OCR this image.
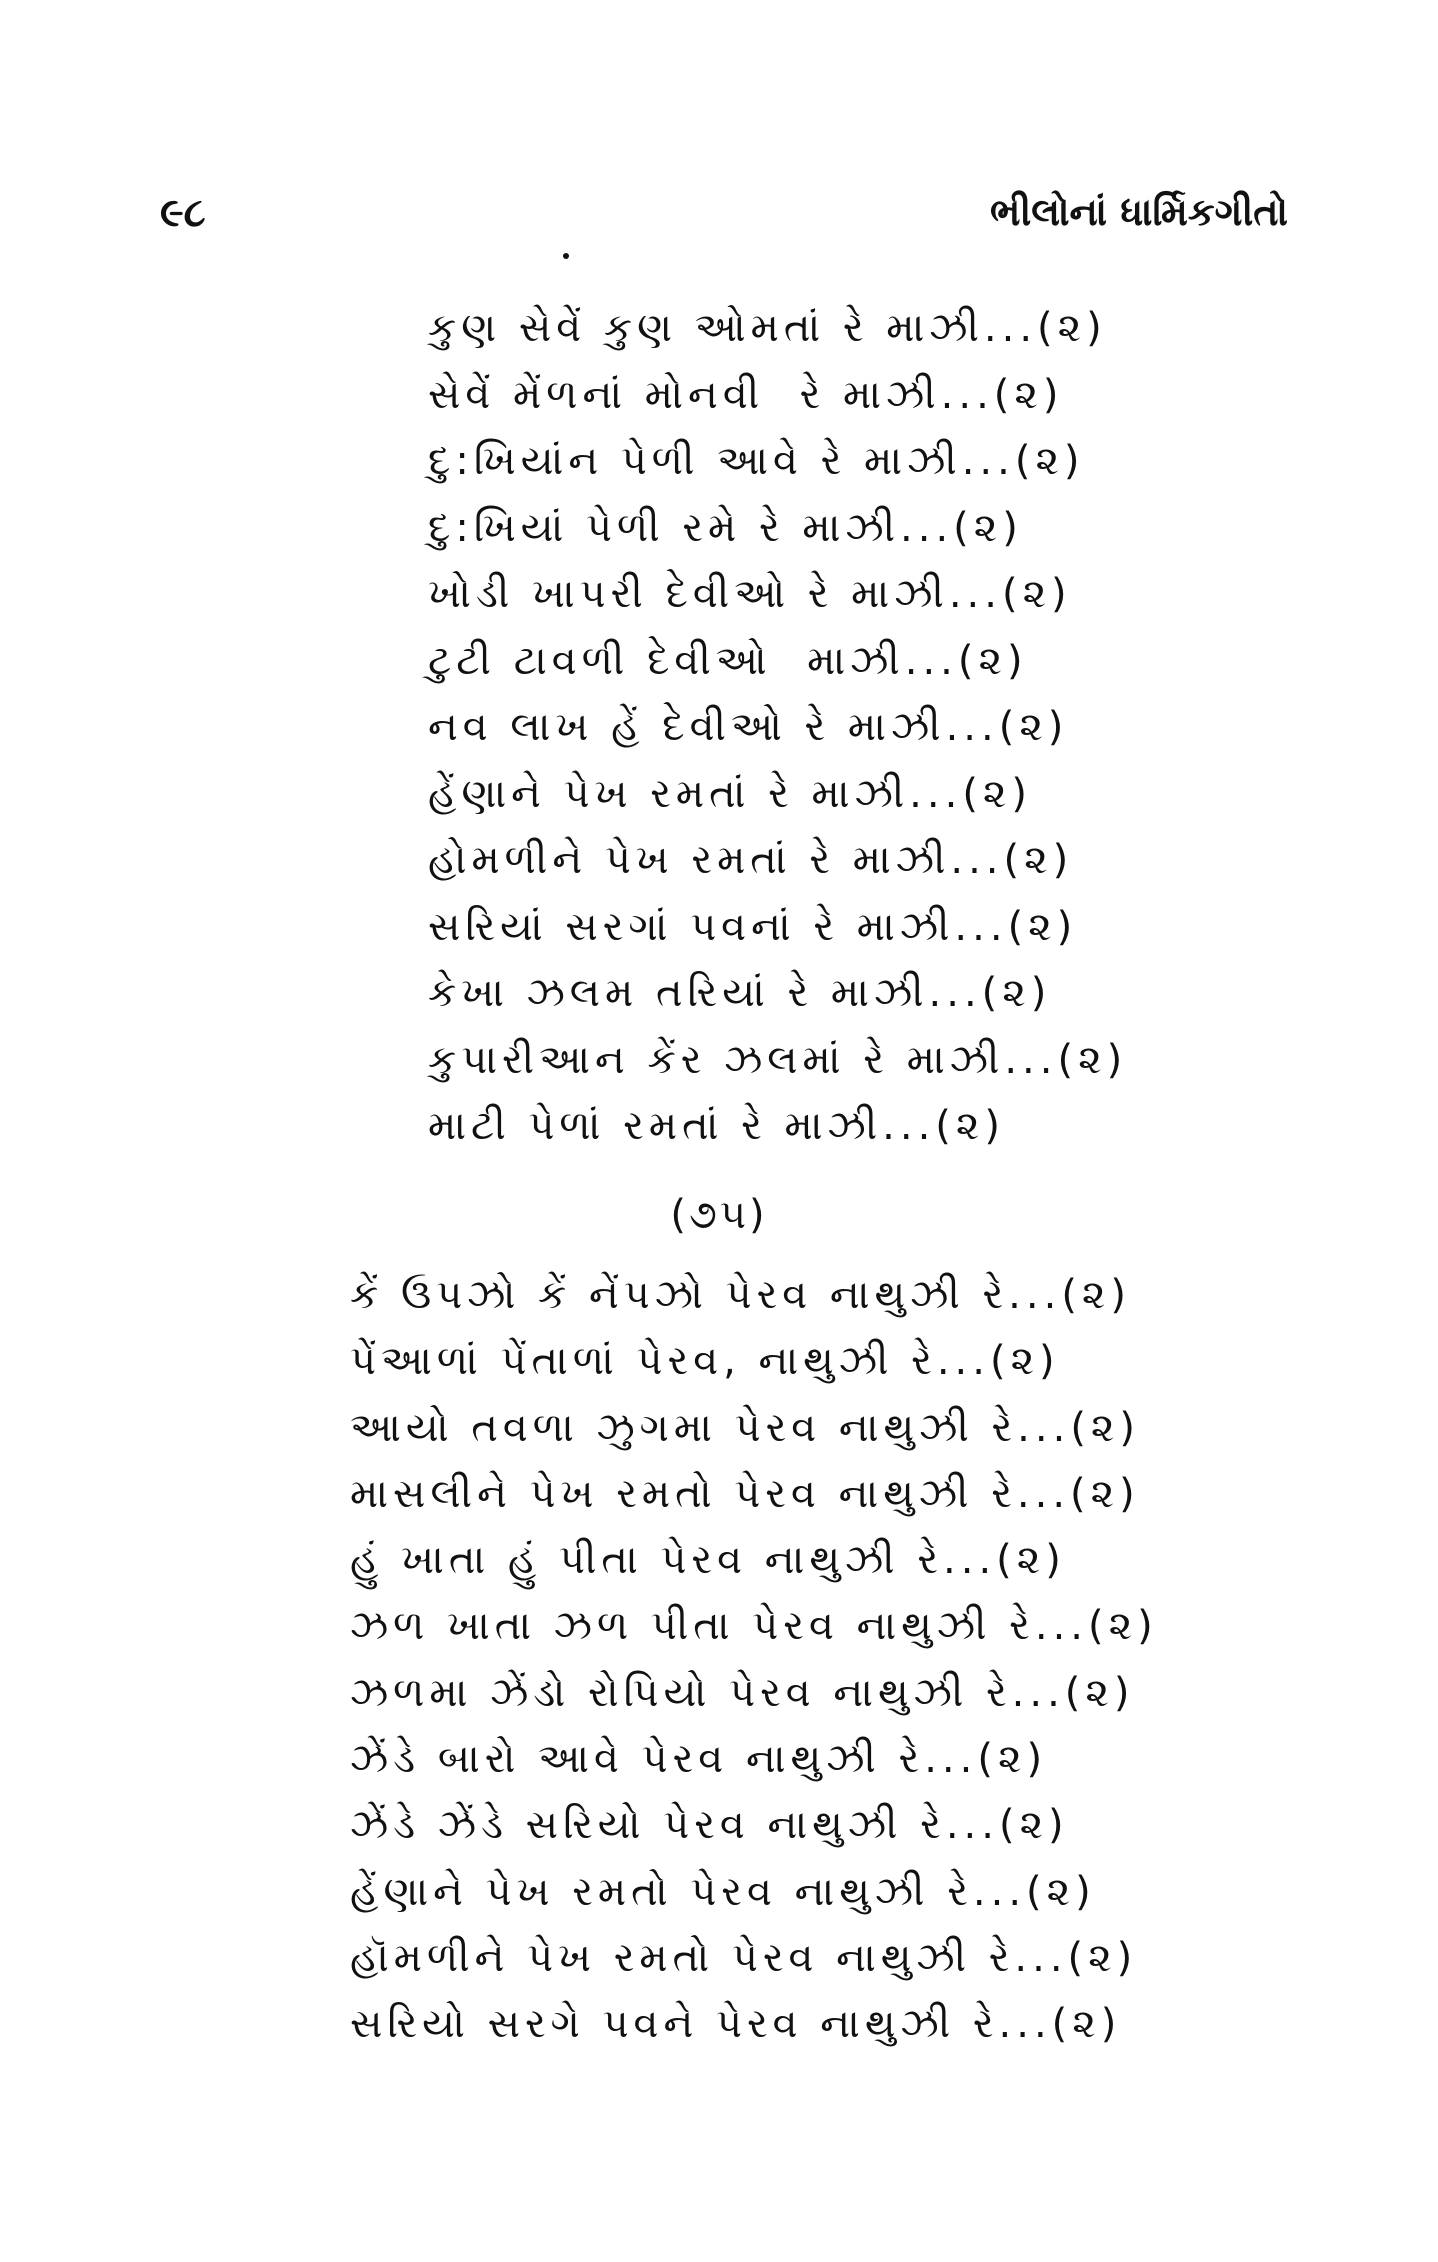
૯૮	ભીલોનાં ધાર્મિકગીતો
કુણ સેવેં કુણ ઓમતાં રે માઝી...(૨)
સેવેં મેંળનાં મોનવી  રે માઝી...(૨)
દુ:ખિયાંન પેળી આવે રે માઝી...(૨)
દુ:ખિયાં પેળી રમે રે માઝી...(૨)
ખોડી ખાપરી દેવીઓ રે માઝી...(૨)
ટુટી ટાવળી દેવીઓ  માઝી...(૨)
નવ લાખ હેં દેવીઓ રે માઝી...(૨)
હેંણાને પેખ રમતાં રે માઝી...(૨)
હોમળીને પેખ રમતાં રે માઝી...(૨)
સરિયાં સરગાં પવનાં રે માઝી...(૨)
કેખા ઝલમ તરિયાં રે માઝી...(૨)
કુપારીઆન કેંર ઝલમાં રે માઝી...(૨)
માટી પેળાં રમતાં રે માઝી...(૨)
(૭૫)
કેં ઉપઝો કેં નેંપઝો પેરવ નાથુઝી રે...(૨)
પેંઆળાં પેંતાળાં પેરવ, નાથુઝી રે...(૨)
આયો તવળા ઝુગમા પેરવ નાથુઝી રે...(૨)
માસલીને પેખ રમતો પેરવ નાથુઝી રે...(૨)
હું ખાતા હું પીતા પેરવ નાથુઝી રે...(૨)
ઝળ ખાતા ઝળ પીતા પેરવ નાથુઝી રે...(૨)
ઝળમા ઝેંડો રોપિયો પેરવ નાથુઝી રે...(૨)
ઝેંડે બારો આવે પેરવ નાથુઝી રે...(૨)
ઝેંડે ઝેંડે સરિયો પેરવ નાથુઝી રે...(૨)
હેંણાને પેખ રમતો પેરવ નાથુઝી રે...(૨)
હૉમળીને પેખ રમતો પેરવ નાથુઝી રે...(૨)
સરિયો સરગે પવને પેરવ નાથુઝી રે...(૨)
